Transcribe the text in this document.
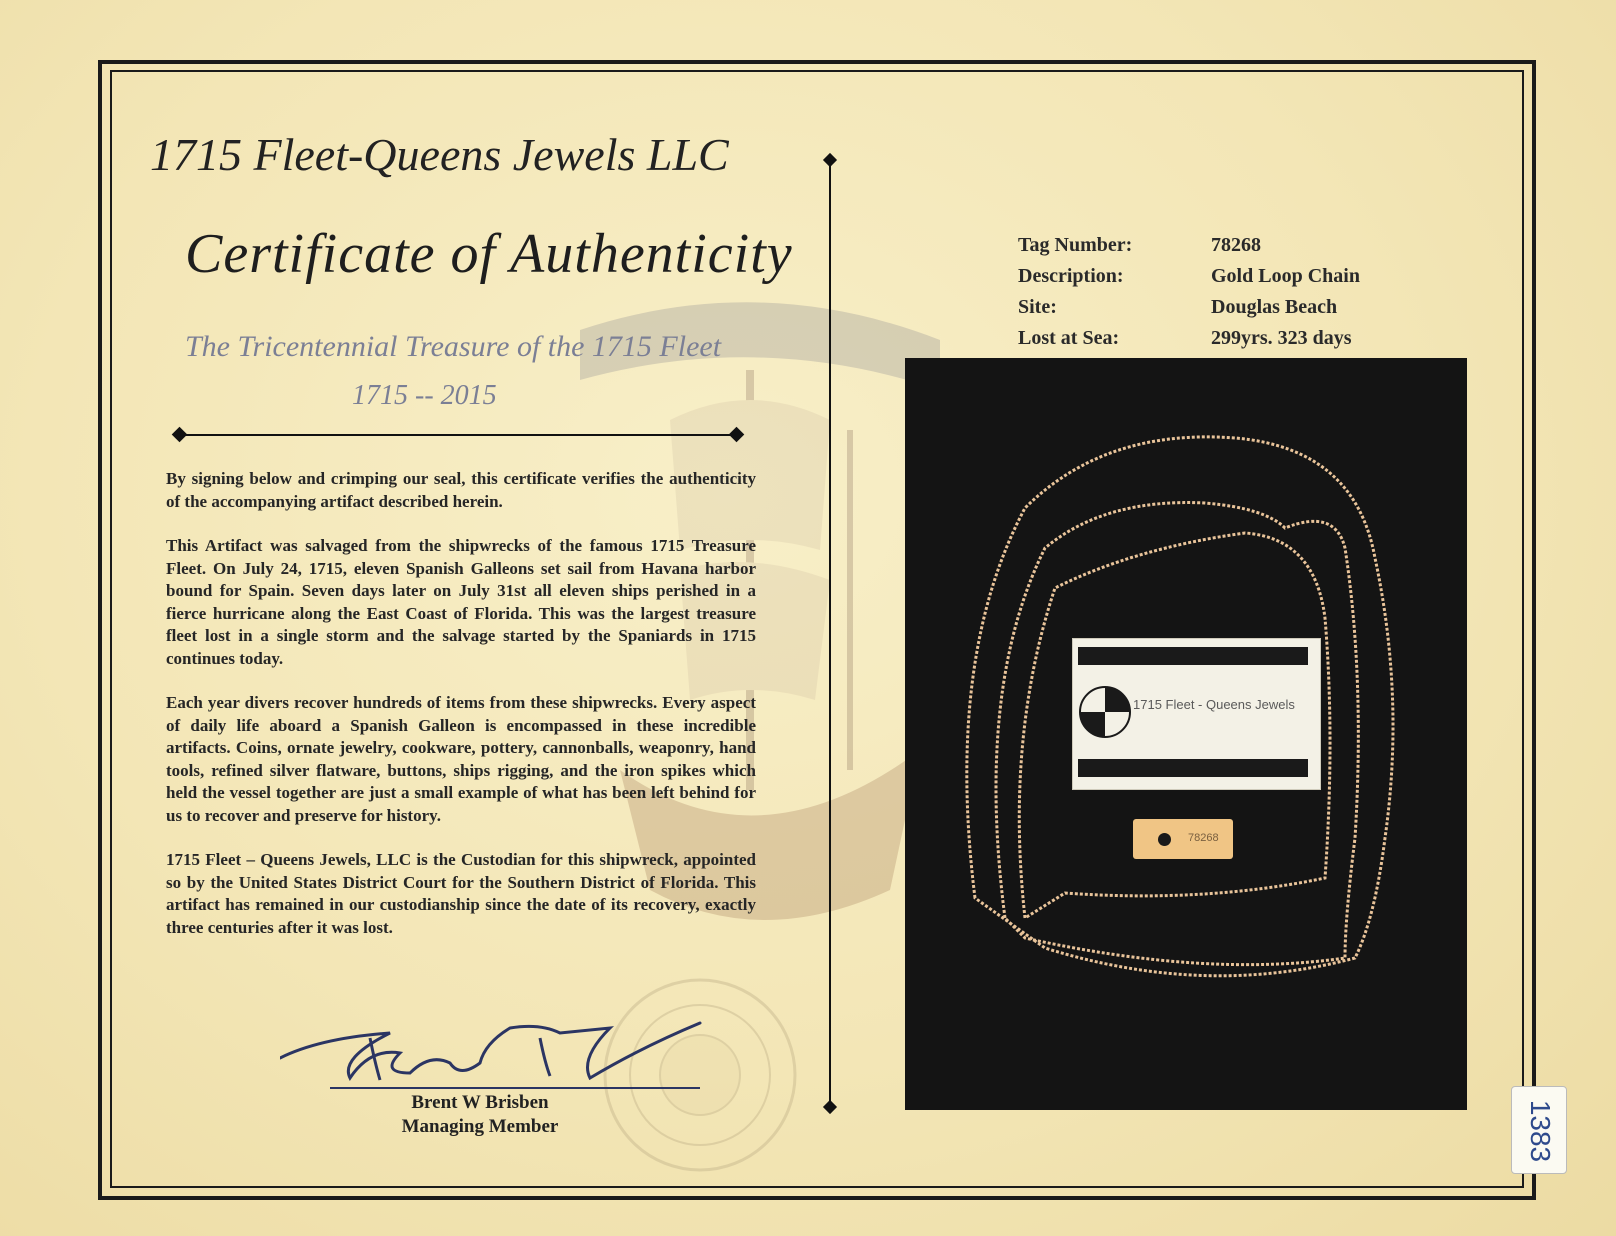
1715 Fleet-Queens Jewels LLC
Certificate of Authenticity
The Tricentennial Treasure of the 1715 Fleet
1715 -- 2015

By signing below and crimping our seal, this certificate verifies the authenticity of the accompanying artifact described herein.

This Artifact was salvaged from the shipwrecks of the famous 1715 Treasure Fleet. On July 24, 1715, eleven Spanish Galleons set sail from Havana harbor bound for Spain. Seven days later on July 31st all eleven ships perished in a fierce hurricane along the East Coast of Florida. This was the largest treasure fleet lost in a single storm and the salvage started by the Spaniards in 1715 continues today.

Each year divers recover hundreds of items from these shipwrecks. Every aspect of daily life aboard a Spanish Galleon is encompassed in these incredible artifacts. Coins, ornate jewelry, cookware, pottery, cannonballs, weaponry, hand tools, refined silver flatware, buttons, ships rigging, and the iron spikes which held the vessel together are just a small example of what has been left behind for us to recover and preserve for history.

1715 Fleet – Queens Jewels, LLC is the Custodian for this shipwreck, appointed so by the United States District Court for the Southern District of Florida. This artifact has remained in our custodianship since the date of its recovery, exactly three centuries after it was lost.

Brent W Brisben
Managing Member
Tag Number:	78268
Description:	Gold Loop Chain
Site:	Douglas Beach
Lost at Sea:	299yrs. 323 days
1715 Fleet - Queens Jewels
78268
1383
